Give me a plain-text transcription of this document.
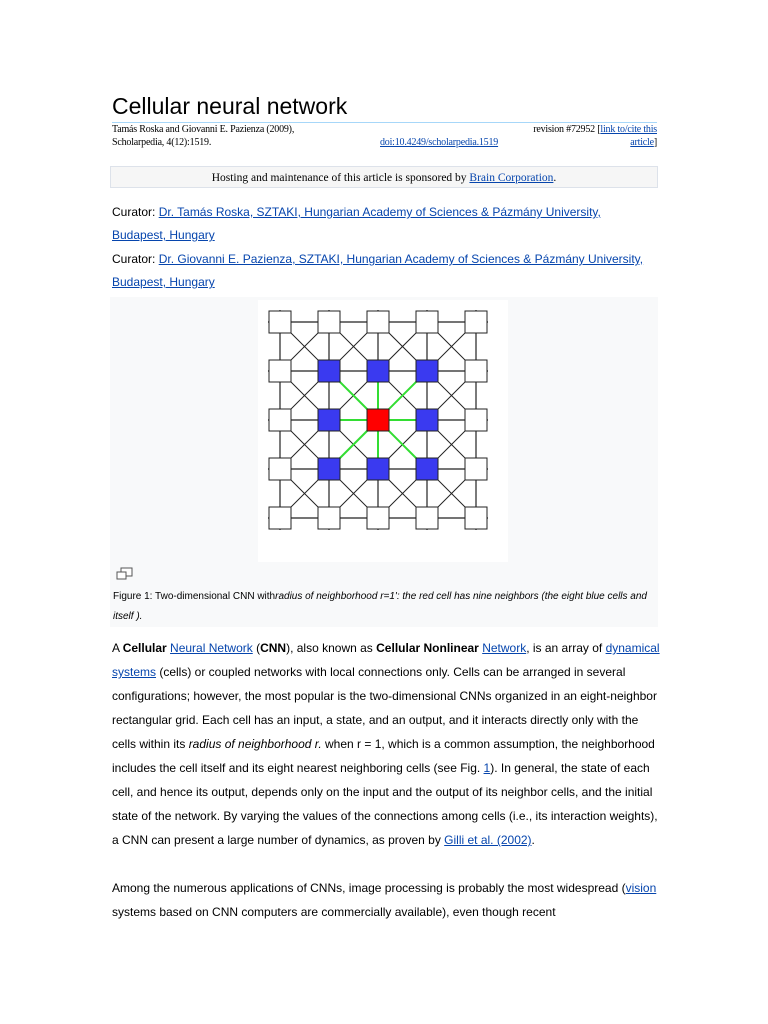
Cellular neural network
Tamás Roska and Giovanni E. Pazienza (2009), Scholarpedia, 4(12):1519.	doi:10.4249/scholarpedia.1519
revision #72952 [link to/cite this article]
Hosting and maintenance of this article is sponsored by Brain Corporation.
Curator: Dr. Tamás Roska, SZTAKI, Hungarian Academy of Sciences & Pázmány University, Budapest, Hungary
Curator: Dr. Giovanni E. Pazienza, SZTAKI, Hungarian Academy of Sciences & Pázmány University, Budapest, Hungary
Figure 1: Two-dimensional CNN withradius of neighborhood r=1': the red cell has nine neighbors (the eight blue cells and itself ).

A Cellular Neural Network (CNN), also known as Cellular Nonlinear Network, is an array of dynamical systems (cells) or coupled networks with local connections only. Cells can be arranged in several configurations; however, the most popular is the two-dimensional CNNs organized in an eight-neighbor rectangular grid. Each cell has an input, a state, and an output, and it interacts directly only with the cells within its radius of neighborhood r. when r = 1, which is a common assumption, the neighborhood includes the cell itself and its eight nearest neighboring cells (see Fig. 1). In general, the state of each cell, and hence its output, depends only on the input and the output of its neighbor cells, and the initial state of the network. By varying the values of the connections among cells (i.e., its interaction weights), a CNN can present a large number of dynamics, as proven by Gilli et al. (2002).

Among the numerous applications of CNNs, image processing is probably the most widespread (vision systems based on CNN computers are commercially available), even though recent
